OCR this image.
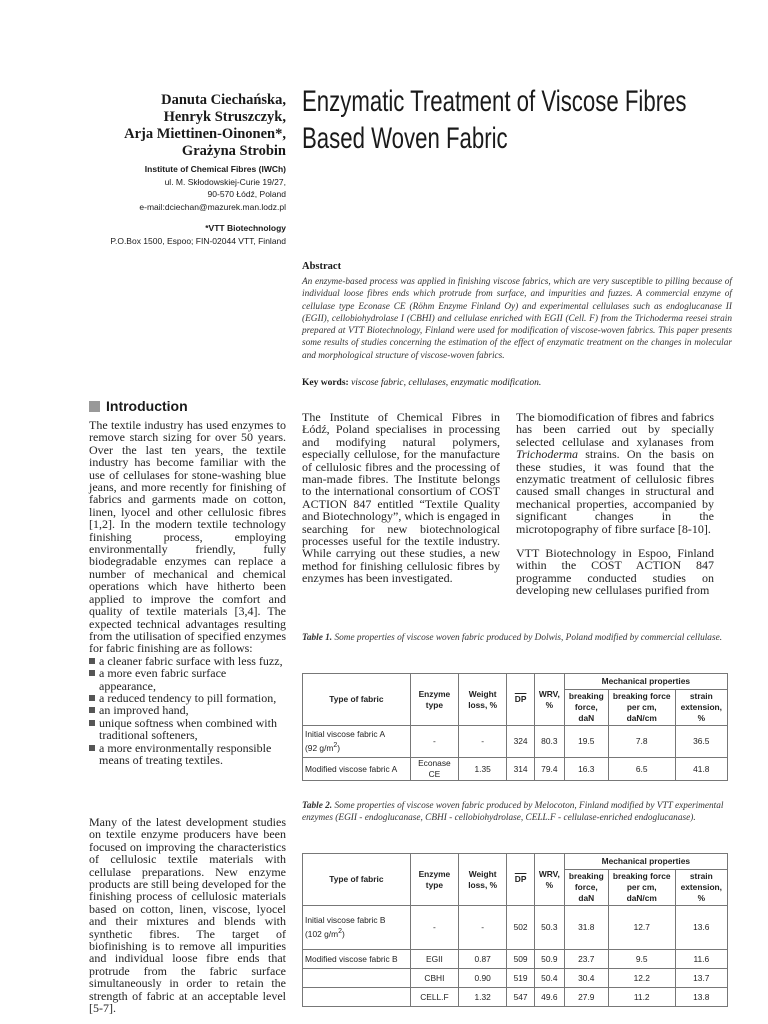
Danuta Ciechańska,
Henryk Struszczyk,
Arja Miettinen-Oinonen*,
Grażyna Strobin
Institute of Chemical Fibres (IWCh)
ul. M. Skłodowskiej-Curie 19/27,
90-570 Łódź, Poland
e-mail:dciechan@mazurek.man.lodz.pl
*VTT Biotechnology
P.O.Box 1500, Espoo; FIN-02044 VTT, Finland
Enzymatic Treatment of Viscose Fibres
Based Woven Fabric
Abstract
An enzyme-based process was applied in finishing viscose fabrics, which are very susceptible to pilling because of individual loose fibres ends which protrude from surface, and impurities and fuzzes. A commercial enzyme of cellulase type Econase CE (Röhm Enzyme Finland Oy) and experimental cellulases such as endoglucanase II (EGII), cellobiohydrolase I (CBHI) and cellulase enriched with EGII (Cell. F) from the Trichoderma reesei strain prepared at VTT Biotechnology, Finland were used for modification of viscose-woven fabrics. This paper presents some results of studies concerning the estimation of the effect of enzymatic treatment on the changes in molecular and morphological structure of viscose-woven fabrics.
Key words: viscose fabric, cellulases, enzymatic modification.
Introduction

The textile industry has used enzymes to remove starch sizing for over 50 years. Over the last ten years, the textile industry has become familiar with the use of cellulases for stone-washing blue jeans, and more recently for finishing of fabrics and garments made on cotton, linen, lyocel and other cellulosic fibres [1,2]. In the modern textile technology finishing process, employing environmentally friendly, fully biodegradable enzymes can replace a number of mechanical and chemical operations which have hitherto been applied to improve the comfort and quality of textile materials [3,4]. The expected technical advantages resulting from the utilisation of specified enzymes for fabric finishing are as follows:

a cleaner fabric surface with less fuzz,
a more even fabric surface appearance,
a reduced tendency to pill formation,
an improved hand,
unique softness when combined with traditional softeners,
a more environmentally responsible means of treating textiles.

Many of the latest development studies on textile enzyme producers have been focused on improving the characteristics of cellulosic textile materials with cellulase preparations. New enzyme products are still being developed for the finishing process of cellulosic materials based on cotton, linen, viscose, lyocel and their mixtures and blends with synthetic fibres. The target of biofinishing is to remove all impurities and individual loose fibre ends that protrude from the fabric surface simultaneously in order to retain the strength of fabric at an acceptable level [5-7].

The Institute of Chemical Fibres in Łódź, Poland specialises in processing and modifying natural polymers, especially cellulose, for the manufacture of cellulosic fibres and the processing of man-made fibres. The Institute belongs to the international consortium of COST ACTION 847 entitled “Textile Quality and Biotechnology”, which is engaged in searching for new biotechnological processes useful for the textile industry. While carrying out these studies, a new method for finishing cellulosic fibres by enzymes has been investigated.

The biomodification of fibres and fabrics has been carried out by specially selected cellulase and xylanases from Trichoderma strains. On the basis on these studies, it was found that the enzymatic treatment of cellulosic fibres caused small changes in structural and mechanical properties, accompanied by significant changes in the microtopography of fibre surface [8-10].

VTT Biotechnology in Espoo, Finland within the COST ACTION 847 programme conducted studies on developing new cellulases purified from

Table 1. Some properties of viscose woven fabric produced by Dolwis, Poland modified by commercial cellulase.
Type of fabric	Enzyme type	Weight loss, %	$\overline{DP}$	WRV, %	Mechanical properties		
					breaking force, daN	breaking force per cm, daN/cm	strain extension, %
Initial viscose fabric A
(92 $g/m^2$)	-	-	324	80.3	19.5	7.8	36.5
Modified viscose fabric A	Econase CE	1.35	314	79.4	16.3	6.5	41.8
Table 2. Some properties of viscose woven fabric produced by Melocoton, Finland modified by VTT experimental enzymes (EGII - endoglucanase, CBHI - cellobiohydrolase, CELL.F - cellulase-enriched endoglucanase).
Type of fabric	Enzyme type	Weight loss, %	$\overline{DP}$	WRV, %	Mechanical properties		
					breaking force, daN	breaking force per cm, daN/cm	strain extension, %
Initial viscose fabric B
(102 $g/m^2$)	-	-	502	50.3	31.8	12.7	13.6
Modified viscose fabric B	EGII	0.87	509	50.9	23.7	9.5	11.6
	CBHI	0.90	519	50.4	30.4	12.2	13.7
	CELL.F	1.32	547	49.6	27.9	11.2	13.8
